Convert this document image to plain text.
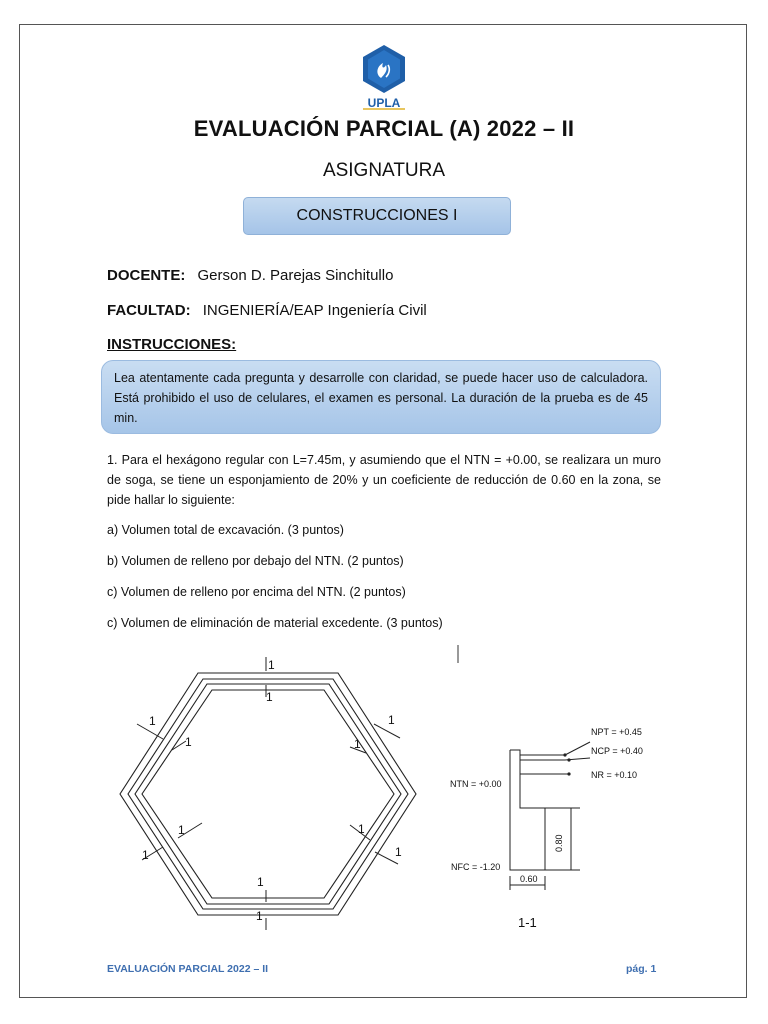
UPLA
EVALUACIÓN PARCIAL (A) 2022 – II
ASIGNATURA
CONSTRUCCIONES I
DOCENTE: Gerson D. Parejas Sinchitullo
FACULTAD: INGENIERÍA/EAP Ingeniería Civil
INSTRUCCIONES:
Lea atentamente cada pregunta y desarrolle con claridad, se puede hacer uso de calculadora. Está prohibido el uso de celulares, el examen es personal. La duración de la prueba es de 45 min.
1. Para el hexágono regular con L=7.45m, y asumiendo que el NTN = +0.00, se realizara un muro de soga, se tiene un esponjamiento de 20% y un coeficiente de reducción de 0.60 en la zona, se pide hallar lo siguiente:
a) Volumen total de excavación. (3 puntos)
b) Volumen de relleno por debajo del NTN. (2 puntos)
c) Volumen de relleno por encima del NTN. (2 puntos)
c) Volumen de eliminación de material excedente. (3 puntos)
1
1
1
1
1
1
1
1
1
1
1
1
NPT = +0.45
NCP = +0.40
NR = +0.10
NTN = +0.00
NFC = -1.20
0.80
0.60
1-1
EVALUACIÓN PARCIAL 2022 – II	pág. 1
